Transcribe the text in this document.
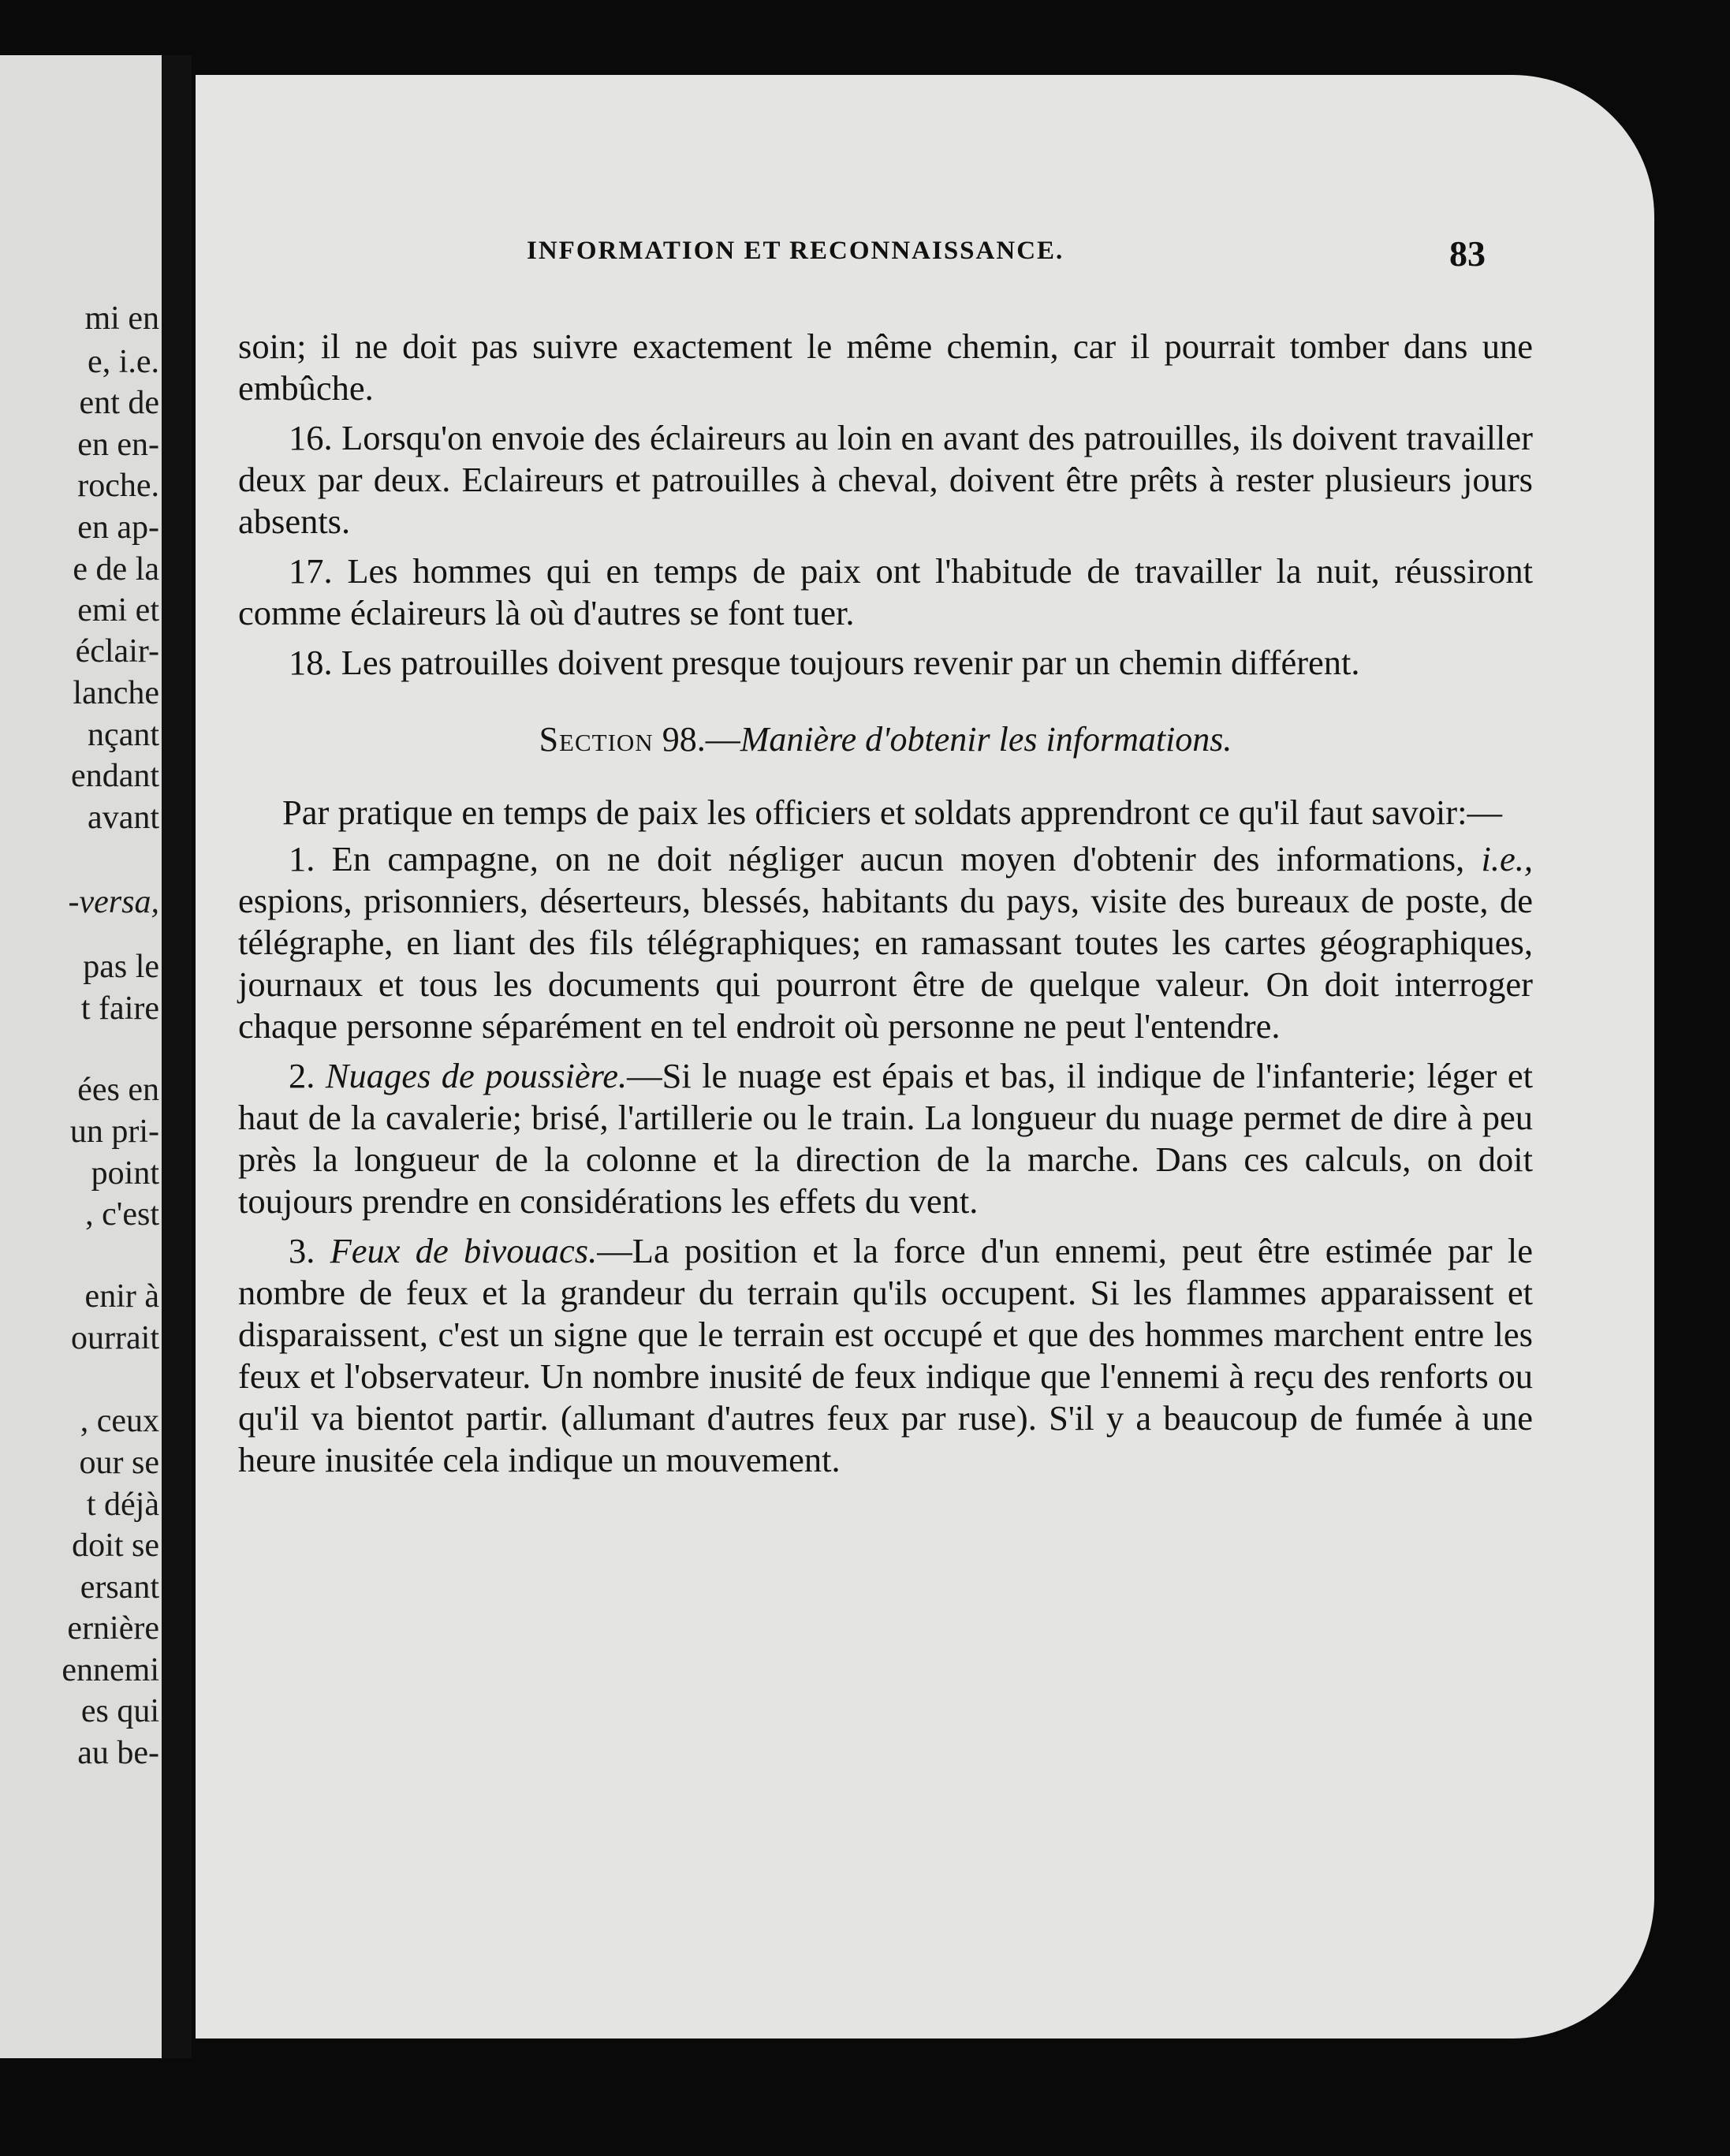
mi en
e, i.e.
ent de
en en-
roche.
en ap-
e de la
emi et
éclair-
lanche
nçant
endant
avant
-versa,
pas le
t faire
ées en
un pri-
point
, c'est
enir à
ourrait
, ceux
our se
t déjà
doit se
ersant
ernière
ennemi
es qui
au be-
INFORMATION ET RECONNAISSANCE.	83

soin; il ne doit pas suivre exactement le même chemin, car il pourrait tomber dans une embûche.

16. Lorsqu'on envoie des éclaireurs au loin en avant des patrouilles, ils doivent travailler deux par deux. Eclaireurs et patrouilles à cheval, doivent être prêts à rester plusieurs jours absents.

17. Les hommes qui en temps de paix ont l'habitude de travailler la nuit, réussiront comme éclaireurs là où d'autres se font tuer.

18. Les patrouilles doivent presque toujours revenir par un chemin différent.

Section 98.—Manière d'obtenir les informations.

Par pratique en temps de paix les officiers et soldats apprendront ce qu'il faut savoir:—

1. En campagne, on ne doit négliger aucun moyen d'obtenir des informations, i.e., espions, prisonniers, déserteurs, blessés, habitants du pays, visite des bureaux de poste, de télégraphe, en liant des fils télégraphiques; en ramassant toutes les cartes géographiques, journaux et tous les documents qui pourront être de quelque valeur. On doit interroger chaque personne séparément en tel endroit où personne ne peut l'entendre.

2. Nuages de poussière.—Si le nuage est épais et bas, il indique de l'infanterie; léger et haut de la cavalerie; brisé, l'artillerie ou le train. La longueur du nuage permet de dire à peu près la longueur de la colonne et la direction de la marche. Dans ces calculs, on doit toujours prendre en considérations les effets du vent.

3. Feux de bivouacs.—La position et la force d'un ennemi, peut être estimée par le nombre de feux et la grandeur du terrain qu'ils occupent. Si les flammes apparaissent et disparaissent, c'est un signe que le terrain est occupé et que des hommes marchent entre les feux et l'observateur. Un nombre inusité de feux indique que l'ennemi à reçu des renforts ou qu'il va bientot partir. (allumant d'autres feux par ruse). S'il y a beaucoup de fumée à une heure inusitée cela indique un mouvement.
